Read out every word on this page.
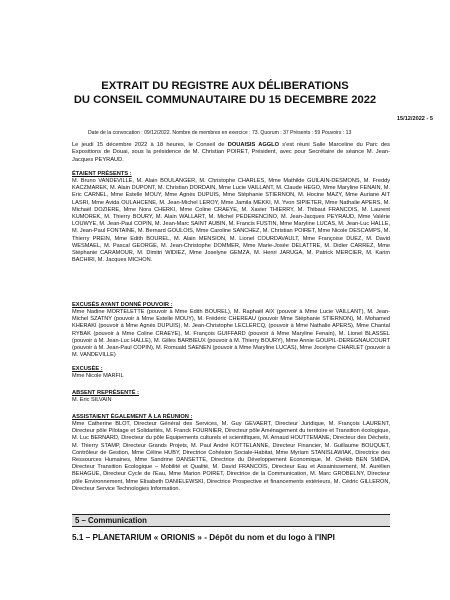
EXTRAIT DU REGISTRE AUX DÉLIBERATIONS
DU CONSEIL COMMUNAUTAIRE DU 15 DECEMBRE 2022
15/12/2022 - 5
Date de la convocation : 09/12/2022. Nombre de membres en exercice : 73. Quorum : 37 Présents : 59 Pouvoirs : 13
Le jeudi 15 décembre 2022 à 18 heures, le Conseil de DOUAISIS AGGLO s'est réuni Salle Marceline du Parc des Expositions de Douai, sous la présidence de M. Christian POIRET, Président, avec pour Secrétaire de séance M. Jean-Jacques PEYRAUD.
ÉTAIENT PRÉSENTS :
M. Bruno VANDEVILLE, M. Alain BOULANGER, M. Christophe CHARLES, Mme Mathilde GUILAIN-DESMONS, M. Freddy KACZMAREK, M. Alain DUPONT, M. Christian DORDAIN, Mme Lucie VAILLANT, M. Claude HEGO, Mme Maryline FENAIN, M. Eric CARNEL, Mme Estelle MOUY, Mme Agnès DUPUIS, Mme Stéphanie STIERNON, M. Hocine MAZY, Mme Auriane AIT LASRI, Mme Avida OULAHCENE, M. Jean-Michel LEROY, Mme Jamila MEKKI, M. Yvon SIPIETER, Mme Nathalie APERS, M. Michaël DOZIERE, Mme Nora CHERKI, Mme Coline CRAEYE, M. Xavier THIERRY, M. Thibaut FRANCOIS, M. Laurent KUMOREK, M. Thierry BOURY, M. Alain WALLART, M. Michel PEDERENCINO, M. Jean-Jacques PEYRAUD, Mme Valérie LOUWYE, M. Jean-Paul COPIN, M. Jean-Marc SAINT AUBIN, M. Francis FUSTIN, Mme Maryline LUCAS, M. Jean-Luc HALLE, M. Jean-Paul FONTAINE, M. Bernard GOULOIS, Mme Caroline SANCHEZ, M. Christian POIRET, Mme Nicole DESCAMPS, M. Thierry PREIN, Mme Edith BOUREL, M. Alain MENSION, M. Lionel COURDAVAULT, Mme Françoise DUEZ, M. David WESMAEL, M. Pascal GEORGE, M. Jean-Christophe DOMMER, Mme Marie-Josée DELATTRE, M. Didier CARREZ, Mme Stéphanie CARAMOUR, M. Dimitri WIDIEZ, Mme Joselyne GEMZA, M. Henri JARUGA, M. Patrick MERCIER, M. Karim BACHIRI, M. Jacques MICHON.
EXCUSÉS AYANT DONNÉ POUVOIR :
Mme Nadine MORTELETTE (pouvoir à Mme Edith BOUREL), M. Raphaël AIX (pouvoir à Mme Lucie VAILLANT), M. Jean-Michel SZATNY (pouvoir à Mme Estelle MOUY), M. Frédéric CHEREAU (pouvoir Mme Stéphanie STIERNON), M. Mohamed KHERAKI (pouvoir à Mme Agnès DUPUIS), M. Jean-Christophe LECLERCQ, (pouvoir à Mme Nathalie APERS), Mme Chantal RYBAK (pouvoir à Mme Coline CRAEYE), M. François GUIFFARD (pouvoir à Mme Maryline Fenain), M. Lionel BLASSEL (pouvoir à M. Jean-Luc HALLE), M. Gilles BARBIEUX (pouvoir à M. Thierry BOURY), Mme Annie GOUPIL-DEREGNAUCOURT (pouvoir à M. Jean-Paul COPIN), M. Romuald SAENEN (pouvoir à Mme Maryline LUCAS), Mme Jocelyne CHARLET (pouvoir à M. VANDEVILLE)
EXCUSÉE :
Mme Nicole MARFIL
ABSENT REPRÉSENTÉ :
M. Eric SILVAIN
ASSISTAIENT ÉGALEMENT À LA RÉUNION :
Mme Catherine BLOT, Directeur Général des Services, M. Guy GEVAERT, Directeur Juridique, M. François LAURENT, Directeur pôle Pilotage et Solidarités, M. Franck FOURNIER, Directeur pôle Aménagement du territoire et Transition écologique, M. Luc BERNARD, Directeur du pôle Equipements culturels et scientifiques, M. Arnaud HOUTTEMANE, Directeur des Déchets, M. Thierry STAMP, Directeur Grands Projets, M. Paul André KOTTELANNE, Directeur Financier, M. Guillaume BOUQUET, Contrôleur de Gestion, Mme Céline HUBY, Directrice Cohésion Sociale-Habitat, Mme Myriam STANISLAWIAK, Directrice des Ressources Humaines, Mme Sandrine DANSETTE, Directrice du Développement Economique, M. Chékib BEN SMIDA, Directeur Transition Ecologique – Mobilité et Qualité, M. David FRANCOIS, Directeur Eau et Assainissement, M. Aurélien BEHAGUE, Directeur Cycle de l'Eau, Mme Marion POIRET, Directrice de la Communication, M. Marc GROBELNY, Directeur pôle Environnement, Mme Elisabeth DANIELEWSKI, Directrice Prospective et financements extérieurs, M. Cédric GILLERON, Directeur Service Technologies Information.
5 – Communication
5.1 – PLANETARIUM « ORIONIS » - Dépôt du nom et du logo à l'INPI
